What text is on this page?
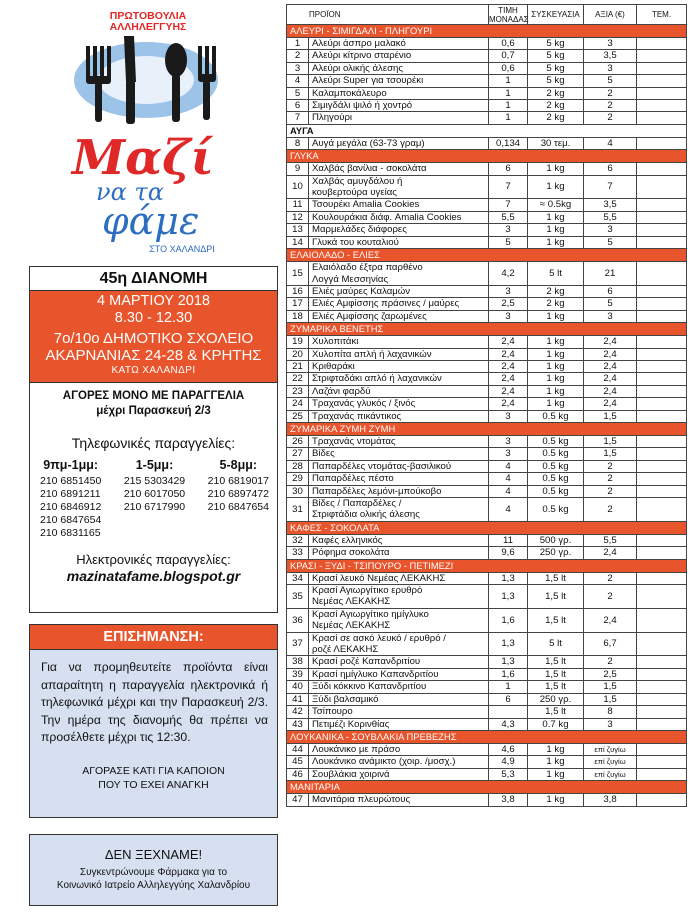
ΠΡΩΤΟΒΟΥΛΙΑ
ΑΛΛΗΛΕΓΓΥΗΣ
Μαζί
να τα
φάμε
ΣΤΟ ΧΑΛΑΝΔΡΙ
45η ΔΙΑΝΟΜΗ
4 ΜΑΡΤΙΟΥ 2018
8.30 - 12.30
7ο/10ο ΔΗΜΟΤΙΚΟ ΣΧΟΛΕΙΟ
ΑΚΑΡΝΑΝΙΑΣ 24-28 & ΚΡΗΤΗΣ
ΚΑΤΩ ΧΑΛΑΝΔΡΙ
ΑΓΟΡΕΣ ΜΟΝΟ ΜΕ ΠΑΡΑΓΓΕΛΙΑ
μέχρι Παρασκευή 2/3
Τηλεφωνικές παραγγελίες:
9πμ-1μμ:
210 6851450
210 6891211
210 6846912
210 6847654
210 6831165
1-5μμ:
215 5303429
210 6017050
210 6717990
5-8μμ:
210 6819017
210 6897472
210 6847654
Ηλεκτρονικές παραγγελίες:
mazinatafame.blogspot.gr
ΕΠΙΣΗΜΑΝΣΗ:
Για να προμηθευτείτε προϊόντα είναι απαραίτητη η παραγγελία ηλεκτρονικά ή τηλεφωνικά μέχρι και την Παρασκευή 2/3. Την ημέρα της διανομής θα πρέπει να προσέλθετε μέχρι τις 12:30.
ΑΓΟΡΑΣΕ ΚΑΤΙ ΓΙΑ ΚΑΠΟΙΟΝ
ΠΟΥ ΤΟ ΕΧΕΙ ΑΝΑΓΚΗ
ΔΕΝ ΞΕΧΝΑΜΕ!
Συγκεντρώνουμε Φάρμακα για το
Κοινωνικό Ιατρείο Αλληλεγγύης Χαλανδρίου
ΠΡΟΪΟΝ		ΤΙΜΗ ΜΟΝΑΔΑΣ	ΣΥΣΚΕΥΑΣΙΑ	ΑΞΙΑ (€)	ΤΕΜ.
ΑΛΕΥΡΙ - ΣΙΜΙΓΔΑΛΙ - ΠΛΗΓΟΥΡΙ					
1	Αλεύρι άσπρο μαλακό	0,6	5 kg	3	
2	Αλεύρι κίτρινο σταρένιο	0,7	5 kg	3,5	
3	Αλεύρι ολικής άλεσης	0,6	5 kg	3	
4	Αλεύρι Super για τσουρέκι	1	5 kg	5	
5	Καλαμποκάλευρο	1	2 kg	2	
6	Σιμιγδάλι ψιλό ή χοντρό	1	2 kg	2	
7	Πληγούρι	1	2 kg	2	
ΑΥΓΑ					
8	Αυγά μεγάλα (63-73 γραμ)	0,134	30 τεμ.	4	
ΓΛΥΚΑ					
9	Χαλβάς βανίλια - σοκολάτα	6	1 kg	6	
10	Χαλβάς αμυγδάλου ή
κουβερτούρα υγείας	7	1 kg	7	
11	Τσουρέκι Amalia Cookies	7	≈ 0.5kg	3,5	
12	Κουλουράκια διάφ. Amalia Cookies	5,5	1 kg	5,5	
13	Μαρμελάδες διάφορες	3	1 kg	3	
14	Γλυκά του κουταλιού	5	1 kg	5	
ΕΛΑΙΟΛΑΔΟ - ΕΛΙΕΣ					
15	Ελαιόλαδο έξτρα παρθένο
Λογγά Μεσσηνίας	4,2	5 lt	21	
16	Ελιές μαύρες Καλαμών	3	2 kg	6	
17	Ελιές Αμφίσσης πράσινες / μαύρες	2,5	2 kg	5	
18	Ελιές Αμφίσσης ζαρωμένες	3	1 kg	3	
ΖΥΜΑΡΙΚΑ ΒΕΝΕΤΗΣ					
19	Χυλοπιτάκι	2,4	1 kg	2,4	
20	Χυλοπίτα απλή ή λαχανικών	2,4	1 kg	2,4	
21	Κριθαράκι	2,4	1 kg	2,4	
22	Στριφταδάκι απλό ή λαχανικών	2,4	1 kg	2,4	
23	Λαζάνι φαρδύ	2,4	1 kg	2,4	
24	Τραχανάς γλυκός / ξινός	2,4	1 kg	2,4	
25	Τραχανάς πικάντικος	3	0.5 kg	1,5	
ΖΥΜΑΡΙΚΑ ΖΥΜΗ ΖΥΜΗ					
26	Τραχανάς ντομάτας	3	0.5 kg	1,5	
27	Βίδες	3	0.5 kg	1,5	
28	Παπαρδέλες ντομάτας-βασιλικού	4	0.5 kg	2	
29	Παπαρδέλες πέστο	4	0.5 kg	2	
30	Παπαρδέλες λεμόνι-μπούκοβο	4	0.5 kg	2	
31	Βίδες / Παπαρδέλες /
Στριφτάδια ολικής άλεσης	4	0.5 kg	2	
ΚΑΦΕΣ - ΣΟΚΟΛΑΤΑ					
32	Καφές ελληνικός	11	500 γρ.	5,5	
33	Ρόφημα σοκολάτα	9,6	250 γρ.	2,4	
ΚΡΑΣΙ - ΞΥΔΙ - ΤΣΙΠΟΥΡΟ - ΠΕΤΙΜΕΖΙ					
34	Κρασί λευκό Νεμέας ΛΕΚΑΚΗΣ	1,3	1,5 lt	2	
35	Κρασί Αγιωργίτικο ερυθρό
Νεμέας ΛΕΚΑΚΗΣ	1,3	1,5 lt	2	
36	Κρασί Αγιωργίτικο ημίγλυκο
Νεμέας ΛΕΚΑΚΗΣ	1,6	1,5 lt	2,4	
37	Κρασί σε ασκό λευκό / ερυθρό /
ροζέ ΛΕΚΑΚΗΣ	1,3	5 lt	6,7	
38	Κρασί ροζέ Καπανδριτίου	1,3	1,5 lt	2	
39	Κρασί ημίγλυκο Καπανδριτίου	1,6	1,5 lt	2,5	
40	Ξύδι κόκκινο Καπανδριτίου	1	1,5 lt	1,5	
41	Ξύδι βαλσαμικό	6	250 γρ.	1,5	
42	Τσίπουρο		1,5 lt	8	
43	Πετιμέζι Κορινθίας	4,3	0.7 kg	3	
ΛΟΥΚΑΝΙΚΑ - ΣΟΥΒΛΑΚΙΑ ΠΡΕΒΕΖΗΣ					
44	Λουκάνικο με πράσο	4,6	1 kg	επί ζυγίω	
45	Λουκάνικο ανάμικτο (χοιρ. /μοσχ.)	4,9	1 kg	επί ζυγίω	
46	Σουβλάκια χοιρινά	5,3	1 kg	επί ζυγίω	
ΜΑΝΙΤΑΡΙΑ					
47	Μανιτάρια πλευρώτους	3,8	1 kg	3,8	
